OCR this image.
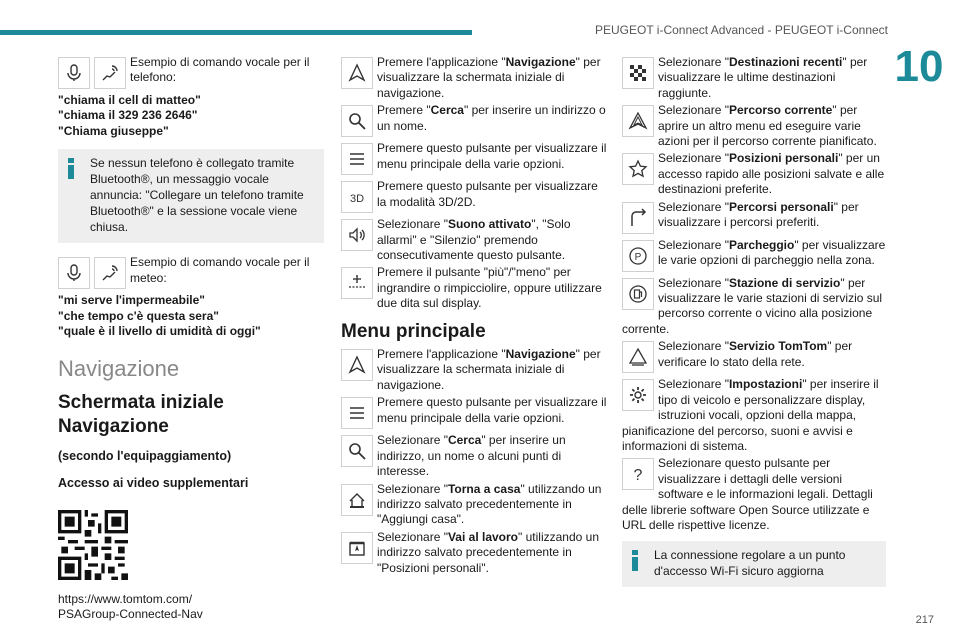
PEUGEOT i-Connect Advanced - PEUGEOT i-Connect
10
217

Esempio di comando vocale per il telefono:

"chiama il cell di matteo"
"chiama il 329 236 2646"
"Chiama giuseppe"
Se nessun telefono è collegato tramite Bluetooth®, un messaggio vocale annuncia: "Collegare un telefono tramite Bluetooth®" e la sessione vocale viene chiusa.

Esempio di comando vocale per il meteo:

"mi serve l'impermeabile"
"che tempo c'è questa sera"
"quale è il livello di umidità di oggi"
Navigazione
Schermata iniziale Navigazione
(secondo l'equipaggiamento)
Accesso ai video supplementari
https://www.tomtom.com/
PSAGroup-Connected-Nav

Premere l'applicazione "Navigazione" per visualizzare la schermata iniziale di navigazione.

Premere "Cerca" per inserire un indirizzo o un nome.

Premere questo pulsante per visualizzare il menu principale della varie opzioni.

3D

Premere questo pulsante per visualizzare la modalità 3D/2D.

Selezionare "Suono attivato", "Solo allarmi" e "Silenzio" premendo consecutivamente questo pulsante.

Premere il pulsante "più"/"meno" per ingrandire o rimpicciolire, oppure utilizzare due dita sul display.

Menu principale

Premere l'applicazione "Navigazione" per visualizzare la schermata iniziale di navigazione.

Premere questo pulsante per visualizzare il menu principale della varie opzioni.

Selezionare "Cerca" per inserire un indirizzo, un nome o alcuni punti di interesse.

Selezionare "Torna a casa" utilizzando un indirizzo salvato precedentemente in "Aggiungi casa".

Selezionare "Vai al lavoro" utilizzando un indirizzo salvato precedentemente in "Posizioni personali".

Selezionare "Destinazioni recenti" per visualizzare le ultime destinazioni raggiunte.

Selezionare "Percorso corrente" per aprire un altro menu ed eseguire varie azioni per il percorso corrente pianificato.

Selezionare "Posizioni personali" per un accesso rapido alle posizioni salvate e alle destinazioni preferite.

Selezionare "Percorsi personali" per visualizzare i percorsi preferiti.

P

Selezionare "Parcheggio" per visualizzare le varie opzioni di parcheggio nella zona.

Selezionare "Stazione di servizio" per visualizzare le varie stazioni di servizio sul percorso corrente o vicino alla posizione corrente.

Selezionare "Servizio TomTom" per verificare lo stato della rete.

Selezionare "Impostazioni" per inserire il tipo di veicolo e personalizzare display, istruzioni vocali, opzioni della mappa, pianificazione del percorso, suoni e avvisi e informazioni di sistema.

?

Selezionare questo pulsante per visualizzare i dettagli delle versioni software e le informazioni legali. Dettagli delle librerie software Open Source utilizzate e URL delle rispettive licenze.

La connessione regolare a un punto d'accesso Wi-Fi sicuro aggiorna
